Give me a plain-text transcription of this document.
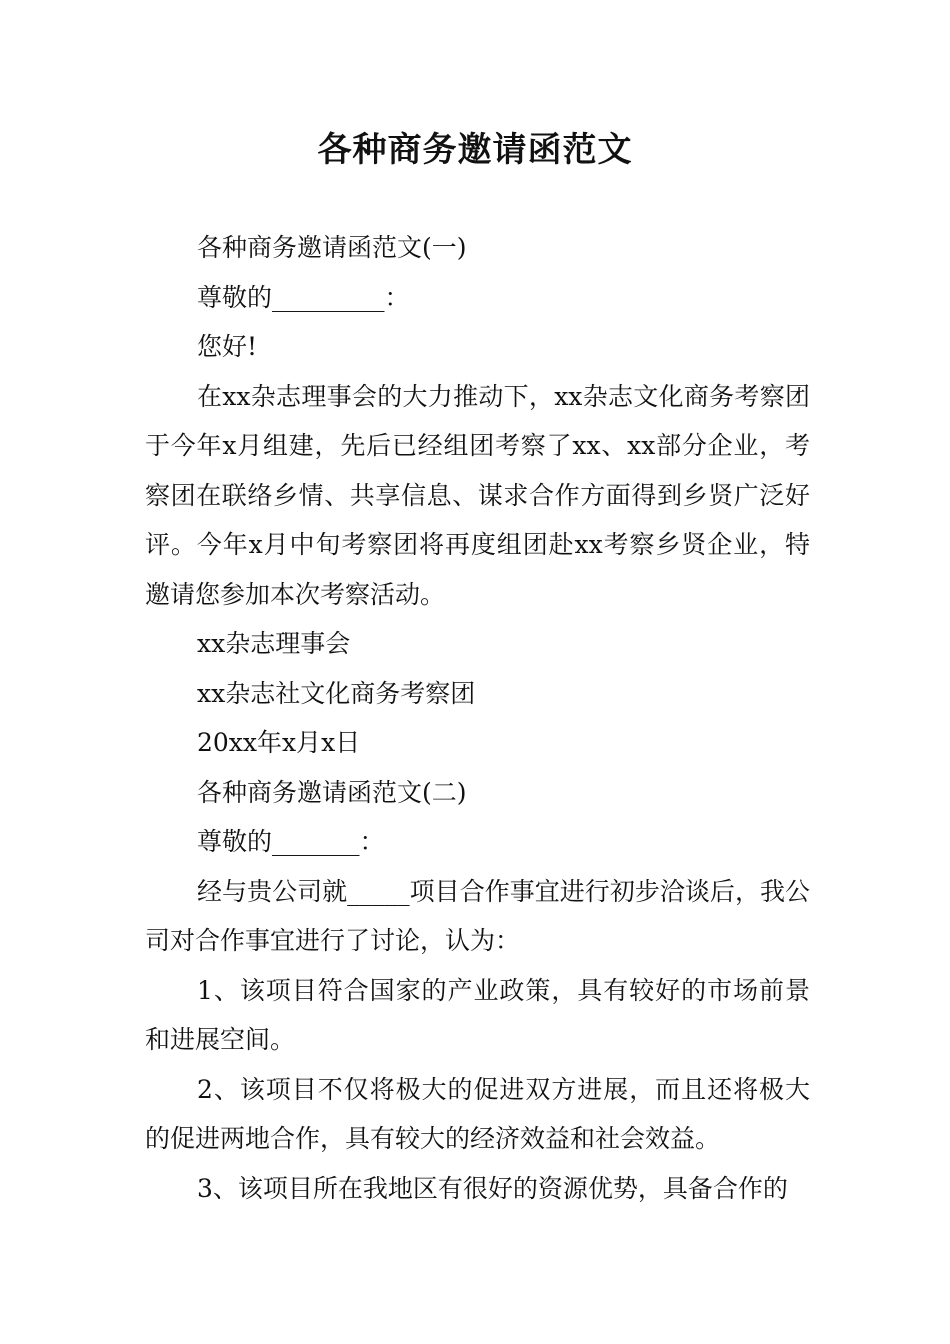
各种商务邀请函范文

各种商务邀请函范文(一)

尊敬的_________：

您好!

在xx杂志理事会的大力推动下，xx杂志文化商务考察团于今年x月组建，先后已经组团考察了xx、xx部分企业，考察团在联络乡情、共享信息、谋求合作方面得到乡贤广泛好评。今年x月中旬考察团将再度组团赴xx考察乡贤企业，特邀请您参加本次考察活动。

xx杂志理事会

xx杂志社文化商务考察团

20xx年x月x日

各种商务邀请函范文(二)

尊敬的_______：

经与贵公司就_____项目合作事宜进行初步洽谈后，我公司对合作事宜进行了讨论，认为：

1、该项目符合国家的产业政策，具有较好的市场前景和进展空间。

2、该项目不仅将极大的促进双方进展，而且还将极大的促进两地合作，具有较大的经济效益和社会效益。

3、该项目所在我地区有很好的资源优势，具备合作的
